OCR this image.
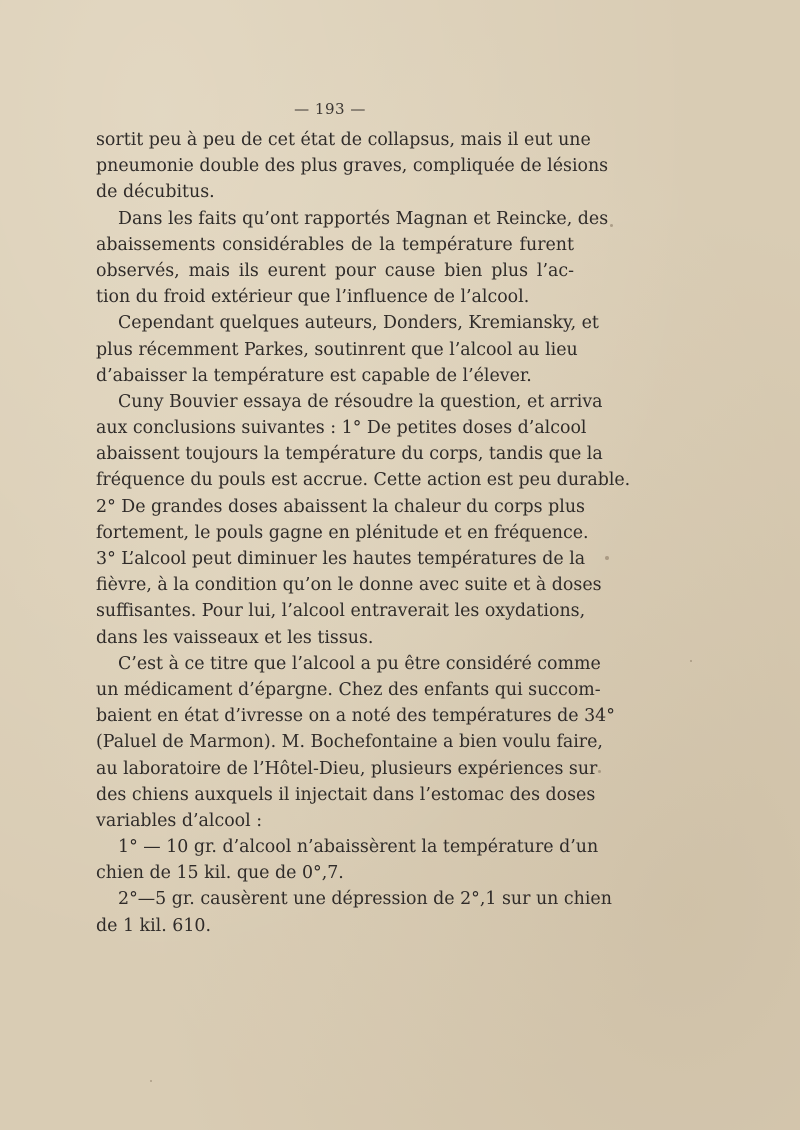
— 193 —
sortit peu à peu de cet état de collapsus, mais il eut une
pneumonie double des plus graves, compliquée de lésions
de décubitus.
Dans les faits qu’ont rapportés Magnan et Reincke, des
abaissements considérables de la température furent
observés, mais ils eurent pour cause bien plus l’ac-
tion du froid extérieur que l’influence de l’alcool.
Cependant quelques auteurs, Donders, Kremiansky, et
plus récemment Parkes, soutinrent que l’alcool au lieu
d’abaisser la température est capable de l’élever.
Cuny Bouvier essaya de résoudre la question, et arriva
aux conclusions suivantes : 1° De petites doses d’alcool
abaissent toujours la température du corps, tandis que la
fréquence du pouls est accrue. Cette action est peu durable.
2° De grandes doses abaissent la chaleur du corps plus
fortement, le pouls gagne en plénitude et en fréquence.
3° L’alcool peut diminuer les hautes températures de la
fièvre, à la condition qu’on le donne avec suite et à doses
suffisantes. Pour lui, l’alcool entraverait les oxydations,
dans les vaisseaux et les tissus.
C’est à ce titre que l’alcool a pu être considéré comme
un médicament d’épargne. Chez des enfants qui succom-
baient en état d’ivresse on a noté des températures de 34°
(Paluel de Marmon). M. Bochefontaine a bien voulu faire,
au laboratoire de l’Hôtel-Dieu, plusieurs expériences sur
des chiens auxquels il injectait dans l’estomac des doses
variables d’alcool :
1° — 10 gr. d’alcool n’abaissèrent la température d’un
chien de 15 kil. que de 0°,7.
2°—5 gr. causèrent une dépression de 2°,1 sur un chien
de 1 kil. 610.
